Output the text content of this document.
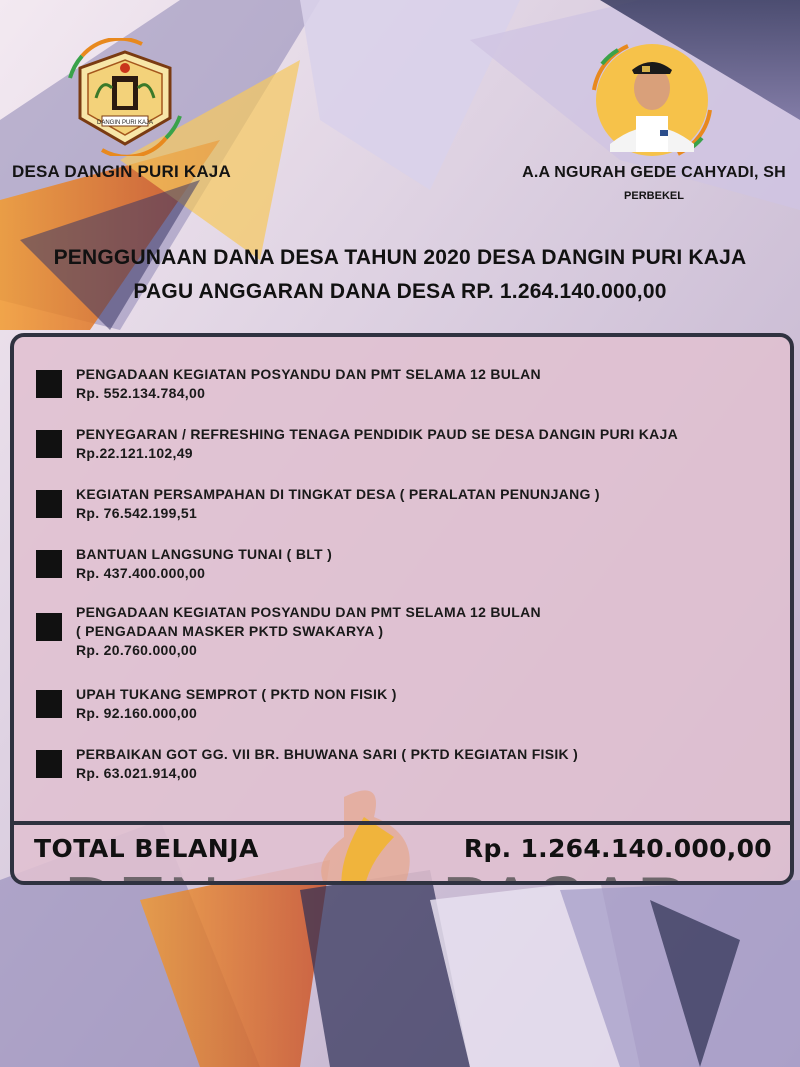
DANGIN PURI KAJA
DESA DANGIN PURI KAJA	A.A NGURAH GEDE CAHYADI, SH
PERBEKEL
PENGGUNAAN DANA DESA TAHUN 2020 DESA DANGIN PURI KAJA
PAGU ANGGARAN DANA DESA RP. 1.264.140.000,00
PENGADAAN KEGIATAN POSYANDU DAN PMT SELAMA 12 BULAN
Rp. 552.134.784,00
PENYEGARAN / REFRESHING TENAGA PENDIDIK PAUD SE DESA DANGIN PURI KAJA
Rp.22.121.102,49
KEGIATAN PERSAMPAHAN DI TINGKAT DESA ( PERALATAN PENUNJANG )
Rp. 76.542.199,51
BANTUAN LANGSUNG TUNAI ( BLT )
Rp. 437.400.000,00
PENGADAAN KEGIATAN POSYANDU DAN PMT SELAMA 12 BULAN
( PENGADAAN MASKER PKTD SWAKARYA )
Rp. 20.760.000,00
UPAH TUKANG SEMPROT ( PKTD NON FISIK )
Rp. 92.160.000,00
PERBAIKAN GOT GG. VII BR. BHUWANA SARI ( PKTD KEGIATAN FISIK )
Rp. 63.021.914,00
TOTAL BELANJA	Rp. 1.264.140.000,00
